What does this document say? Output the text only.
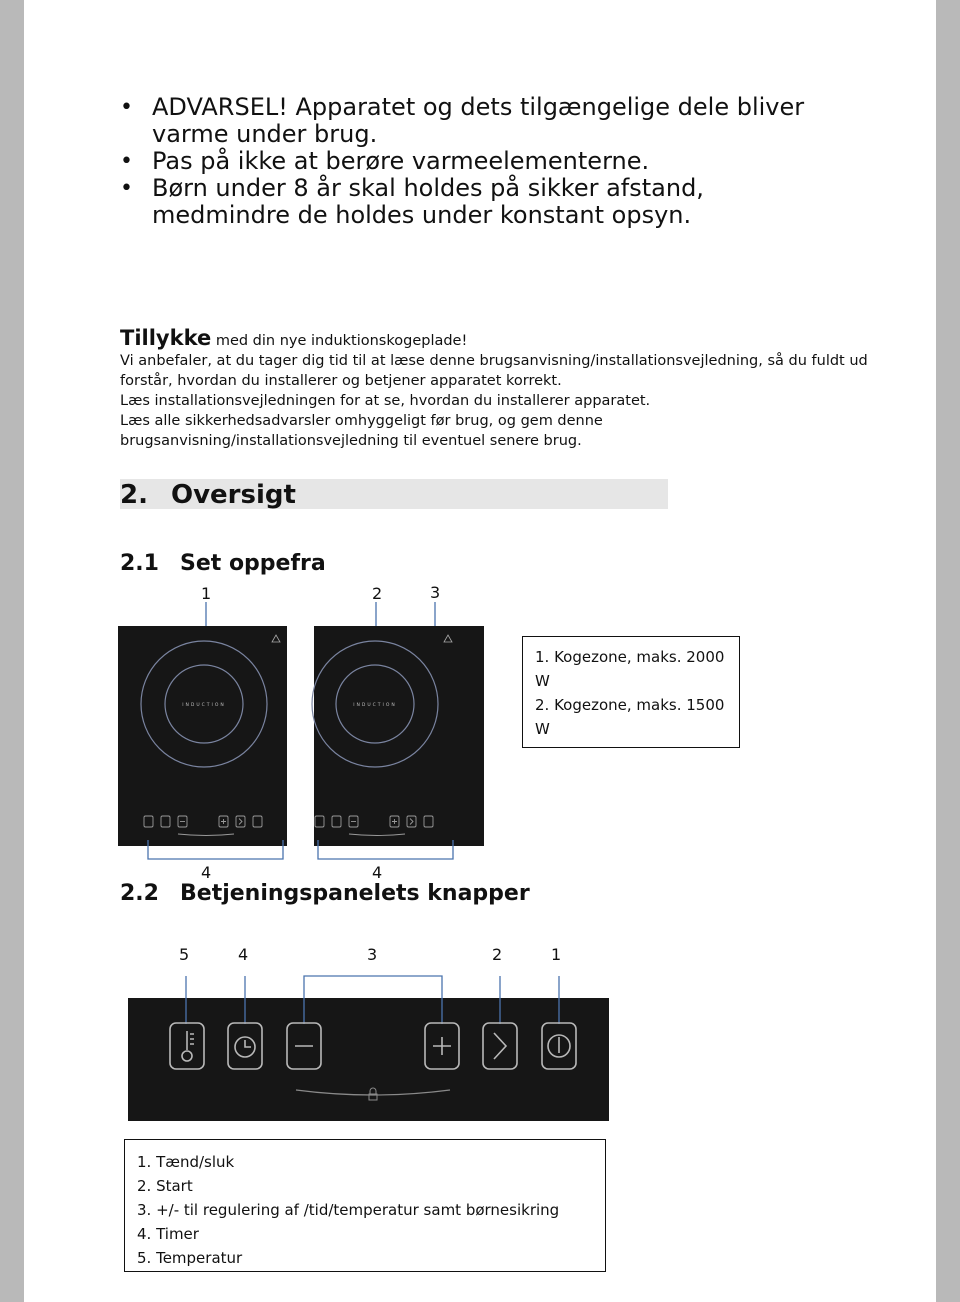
• ADVARSEL! Apparatet og dets tilgængelige dele bliver varme under brug.
• Pas på ikke at berøre varmeelementerne.
• Børn under 8 år skal holdes på sikker afstand, medmindre de holdes under konstant opsyn.

Tillykke med din nye induktionskogeplade!

Vi anbefaler, at du tager dig tid til at læse denne brugsanvisning/installationsvejledning, så du fuldt ud forstår, hvordan du installerer og betjener apparatet korrekt.

Læs installationsvejledningen for at se, hvordan du installerer apparatet.

Læs alle sikkerhedsadvarsler omhyggeligt før brug, og gem denne brugsanvisning/installationsvejledning til eventuel senere brug.

2. Oversigt
2.1 Set oppefra
1	2	3
INDUCTION	INDUCTION
4	4
1. Kogezone, maks. 2000
W
2. Kogezone, maks. 1500
W
2.2 Betjeningspanelets knapper
5	4	3	2	1
1. Tænd/sluk
2. Start
3. +/- til regulering af /tid/temperatur samt børnesikring
4. Timer
5. Temperatur
